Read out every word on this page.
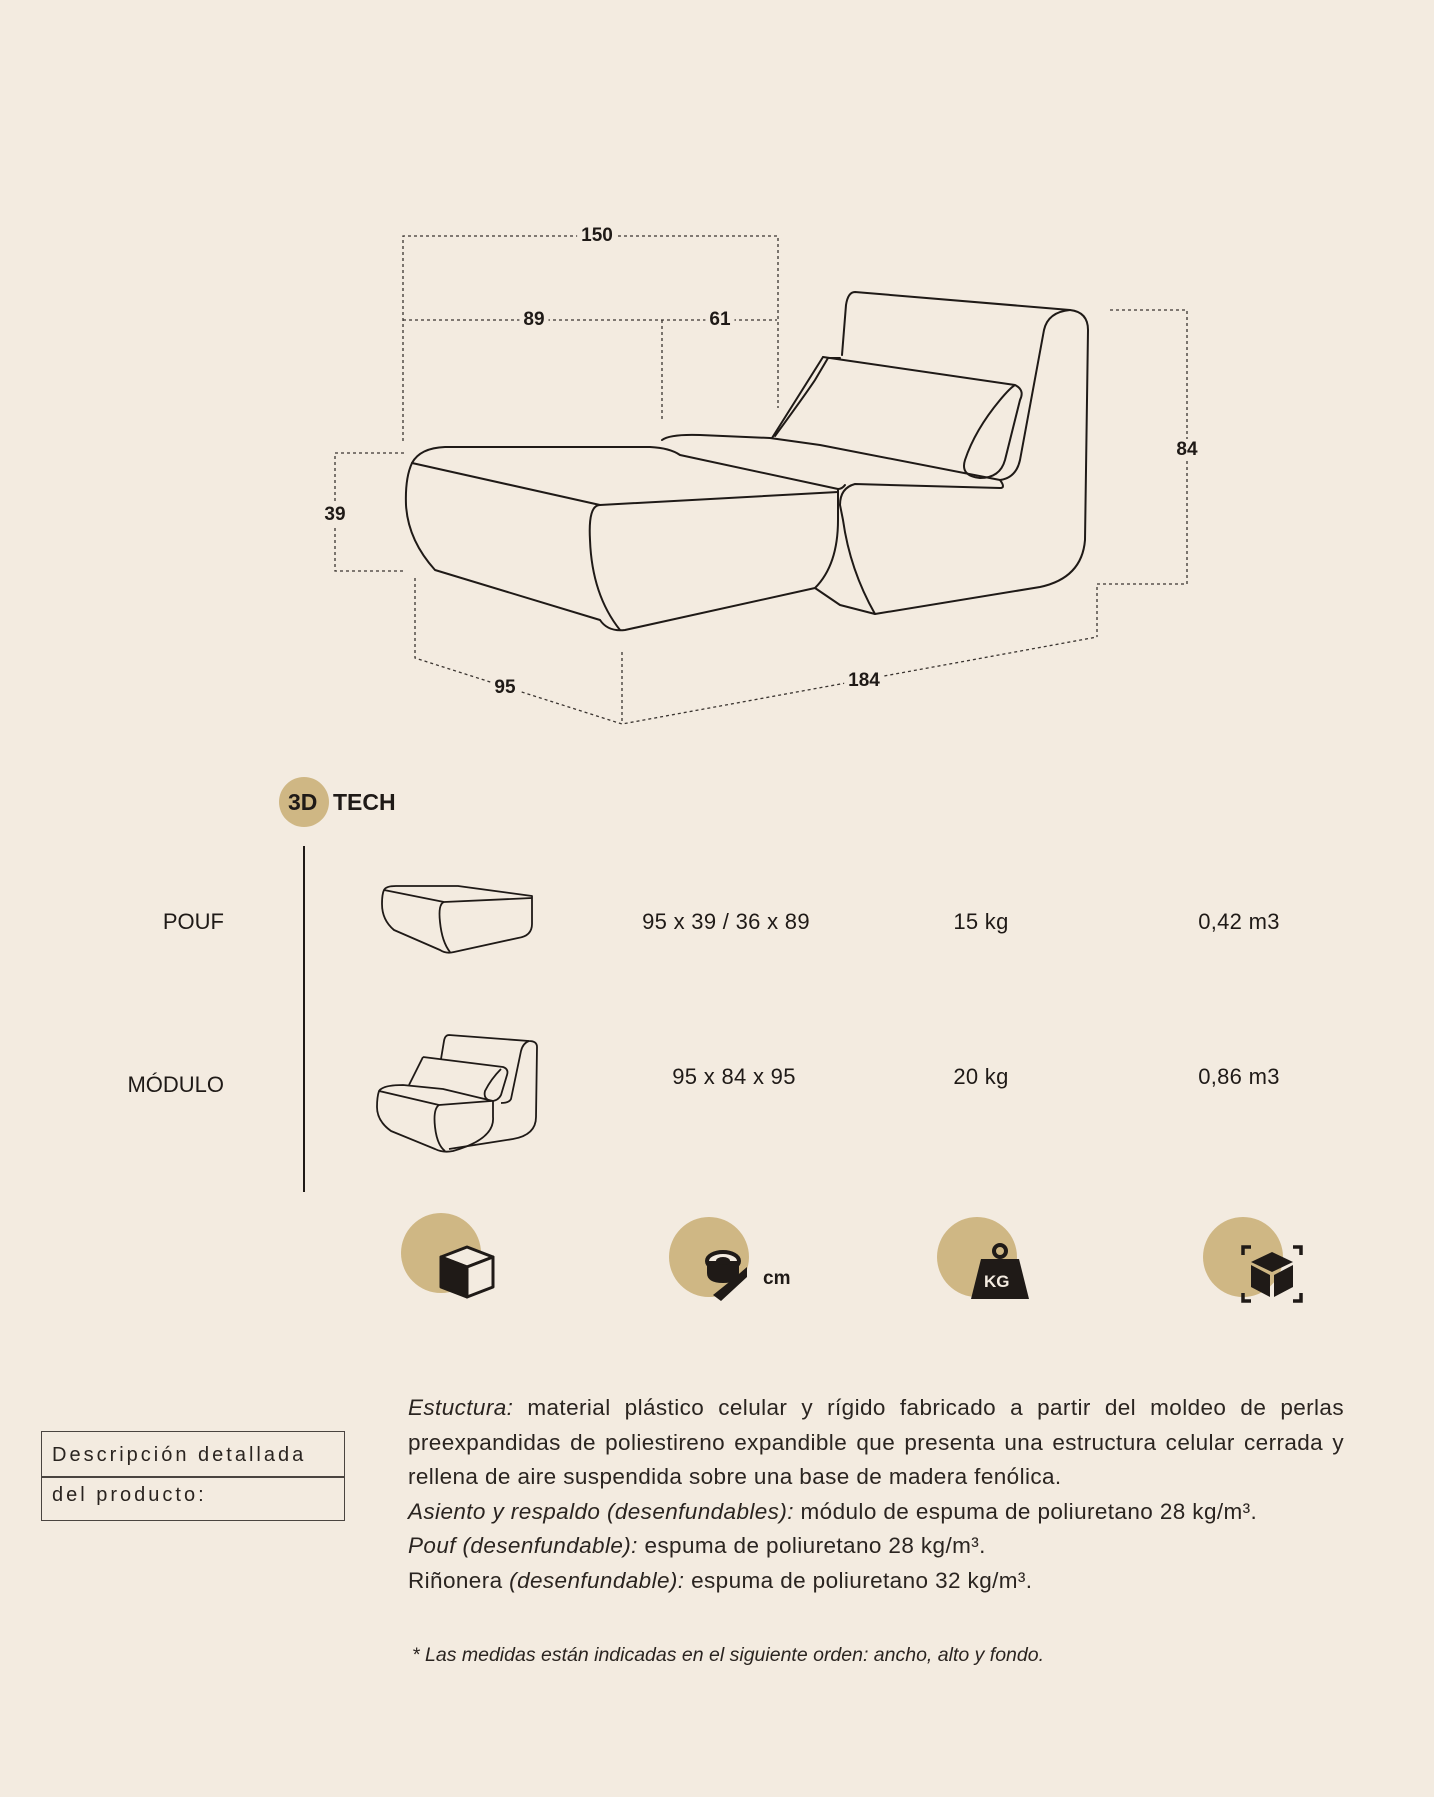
150
89	61
39
84
95	184
3D TECH
POUF	95 x 39 / 36 x 89	15 kg	0,42 m3
MÓDULO	95 x 84 x 95	20 kg	0,86 m3
cm	KG
Descripción detallada
del producto:

Estuctura: material plástico celular y rígido fabricado a partir del moldeo de perlas preexpandidas de poliestireno expandible que presenta una estructura celular cerrada y rellena de aire suspendida sobre una base de madera fenólica.

Asiento y respaldo (desenfundables): módulo de espuma de poliuretano 28 kg/m³.

Pouf (desenfundable): espuma de poliuretano 28 kg/m³.

Riñonera (desenfundable): espuma de poliuretano 32 kg/m³.

* Las medidas están indicadas en el siguiente orden: ancho, alto y fondo.
